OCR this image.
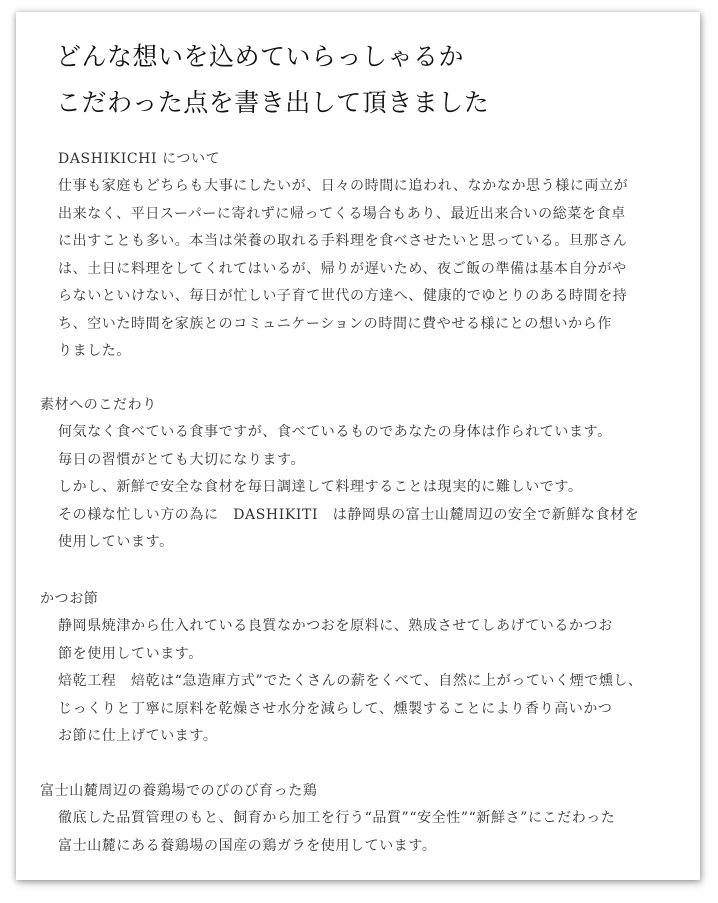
どんな想いを込めていらっしゃるか
こだわった点を書き出して頂きました
DASHIKICHI について
仕事も家庭もどちらも大事にしたいが、日々の時間に追われ、なかなか思う様に両立が
出来なく、平日スーパーに寄れずに帰ってくる場合もあり、最近出来合いの総菜を食卓
に出すことも多い。本当は栄養の取れる手料理を食べさせたいと思っている。旦那さん
は、土日に料理をしてくれてはいるが、帰りが遅いため、夜ご飯の準備は基本自分がや
らないといけない、毎日が忙しい子育て世代の方達へ、健康的でゆとりのある時間を持
ち、空いた時間を家族とのコミュニケーションの時間に費やせる様にとの想いから作
りました。
素材へのこだわり
何気なく食べている食事ですが、食べているものであなたの身体は作られています。
毎日の習慣がとても大切になります。
しかし、新鮮で安全な食材を毎日調達して料理することは現実的に難しいです。
その様な忙しい方の為に　DASHIKITI　は静岡県の富士山麓周辺の安全で新鮮な食材を
使用しています。
かつお節
静岡県焼津から仕入れている良質なかつおを原料に、熟成させてしあげているかつお
節を使用しています。
焙乾工程　焙乾は“急造庫方式”でたくさんの薪をくべて、自然に上がっていく煙で燻し、
じっくりと丁寧に原料を乾燥させ水分を減らして、燻製することにより香り高いかつ
お節に仕上げています。
富士山麓周辺の養鶏場でのびのび育った鶏
徹底した品質管理のもと、飼育から加工を行う“品質”“安全性”“新鮮さ”にこだわった
富士山麓にある養鶏場の国産の鶏ガラを使用しています。
